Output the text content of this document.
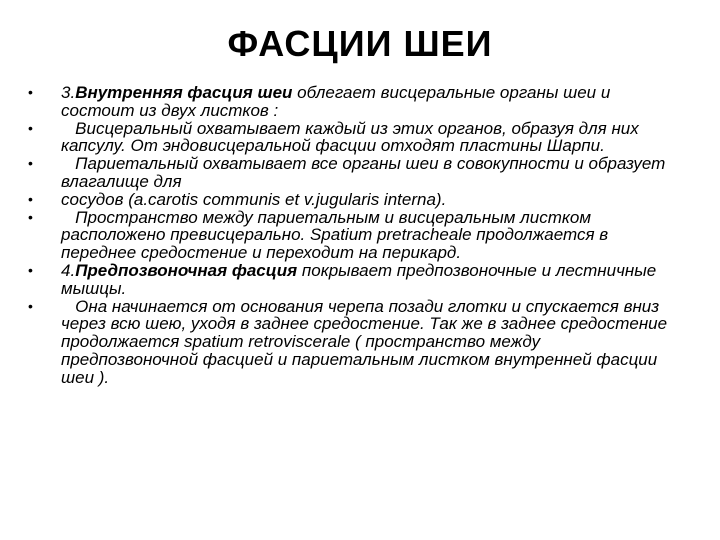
ФАСЦИИ ШЕИ
• 3.Внутренняя фасция шеи облегает висцеральные органы шеи и состоит из двух листков :
• Висцеральный охватывает каждый из этих органов, образуя для них капсулу. От эндовисцеральной фасции отходят пластины Шарпи.
• Париетальный охватывает все органы шеи в совокупности и образует влагалище для
• сосудов (a.carotis communis et v.jugularis interna).
• Пространство между париетальным и висцеральным листком расположено превисцерально. Spatium pretracheale продолжается в переднее средостение и переходит на перикард.
• 4.Предпозвоночная фасция покрывает предпозвоночные и лестничные мышцы.
• Она начинается от основания черепа позади глотки и спускается вниз через всю шею, уходя в заднее средостение. Так же в заднее средостение продолжается spatium retroviscerale ( пространство между предпозвоночной фасцией и париетальным листком внутренней фасции шеи ).
